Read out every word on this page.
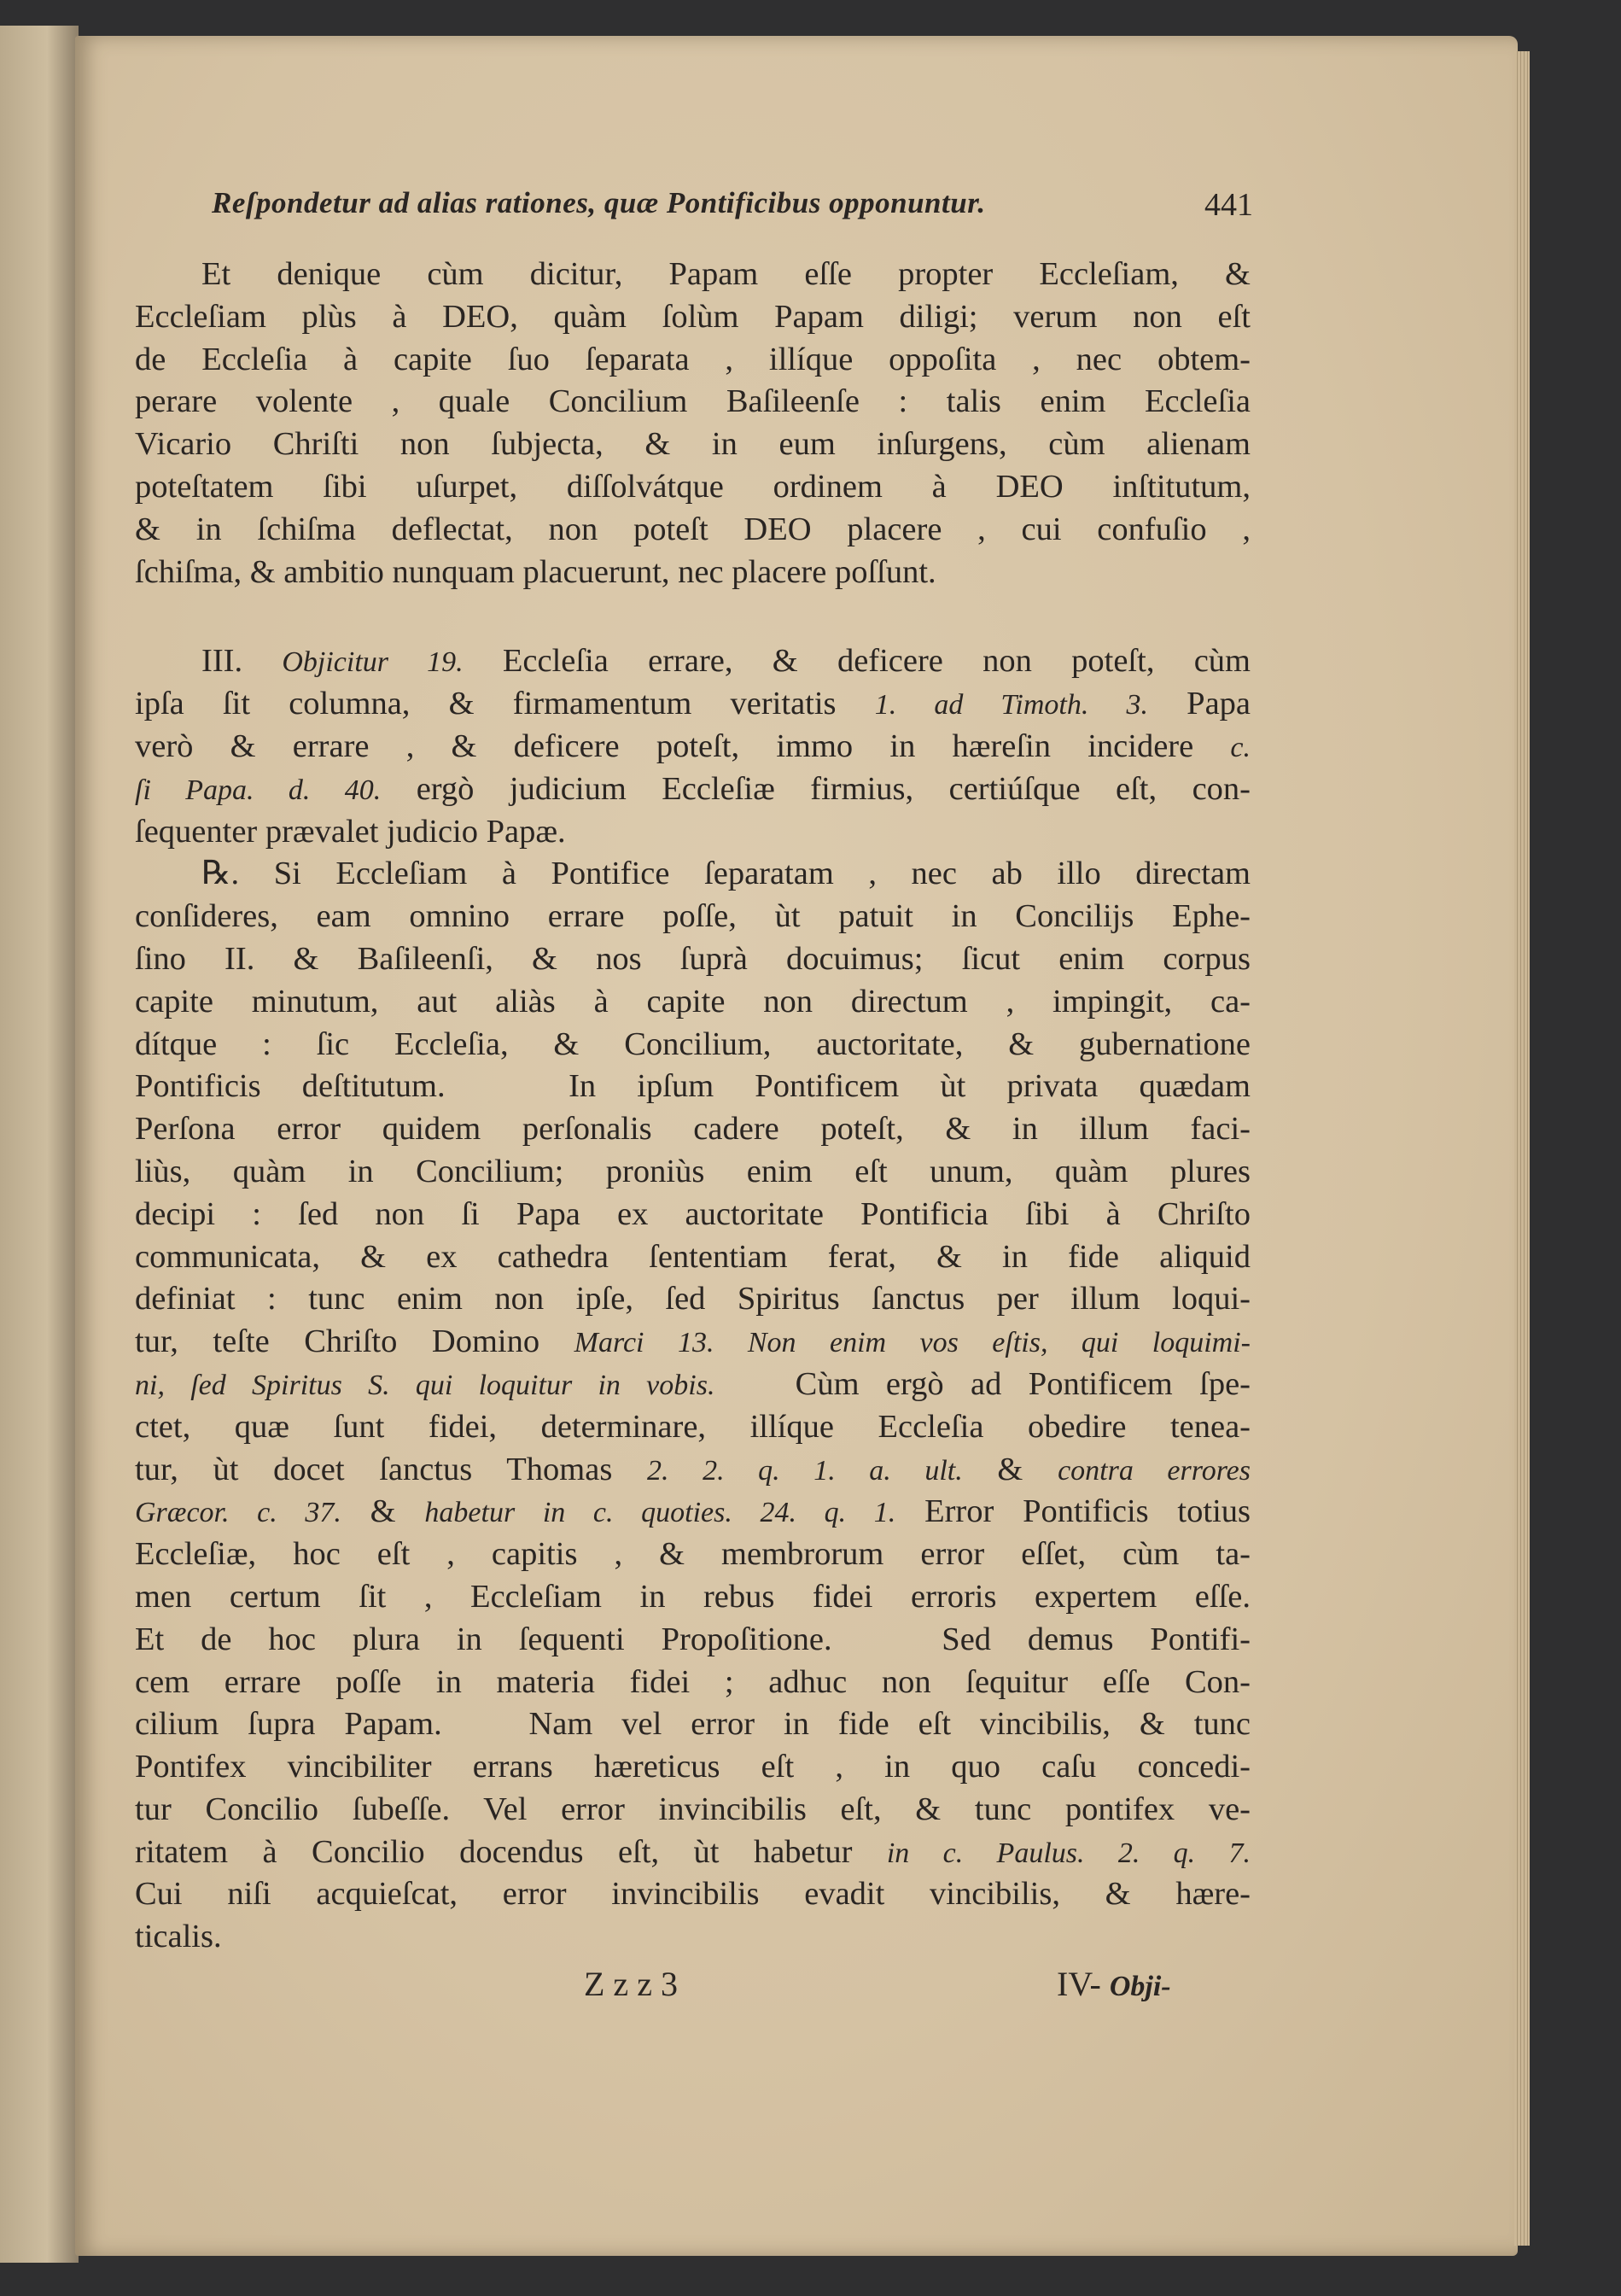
Reſpondetur ad alias rationes, quæ Pontificibus opponuntur.	441
Et denique cùm dicitur, Papam eſſe propter Eccleſiam, &
Eccleſiam plùs à DEO, quàm ſolùm Papam diligi; verum non eſt
de Eccleſia à capite ſuo ſeparata , illíque oppoſita , nec obtem-
perare volente , quale Concilium Baſileenſe : talis enim Eccleſia
Vicario Chriſti non ſubjecta, & in eum inſurgens, cùm alienam
poteſtatem ſibi uſurpet, diſſolvátque ordinem à DEO inſtitutum,
& in ſchiſma deflectat, non poteſt DEO placere , cui confuſio ,
ſchiſma, & ambitio nunquam placuerunt, nec placere poſſunt.
III. Objicitur 19. Eccleſia errare, & deficere non poteſt, cùm
ipſa ſit columna, & firmamentum veritatis 1. ad Timoth. 3. Papa
verò & errare , & deficere poteſt, immo in hæreſin incidere c.
ſi Papa. d. 40. ergò judicium Eccleſiæ firmius, certiúſque eſt, con-
ſequenter prævalet judicio Papæ.
℞. Si Eccleſiam à Pontifice ſeparatam , nec ab illo directam
conſideres, eam omnino errare poſſe, ùt patuit in Concilijs Ephe-
ſino II. & Baſileenſi, & nos ſuprà docuimus; ſicut enim corpus
capite minutum, aut aliàs à capite non directum , impingit, ca-
dítque : ſic Eccleſia, & Concilium, auctoritate, & gubernatione
Pontificis deſtitutum.   In ipſum Pontificem ùt privata quædam
Perſona error quidem perſonalis cadere poteſt, & in illum faci-
liùs, quàm in Concilium; proniùs enim eſt unum, quàm plures
decipi : ſed non ſi Papa ex auctoritate Pontificia ſibi à Chriſto
communicata, & ex cathedra ſententiam ferat, & in fide aliquid
definiat : tunc enim non ipſe, ſed Spiritus ſanctus per illum loqui-
tur, teſte Chriſto Domino Marci 13. Non enim vos eſtis, qui loquimi-
ni, ſed Spiritus S. qui loquitur in vobis.   Cùm ergò ad Pontificem ſpe-
ctet, quæ ſunt fidei, determinare, illíque Eccleſia obedire tenea-
tur, ùt docet ſanctus Thomas 2. 2. q. 1. a. ult. & contra errores
Græcor. c. 37. & habetur in c. quoties. 24. q. 1. Error Pontificis totius
Eccleſiæ, hoc eſt , capitis , & membrorum error eſſet, cùm ta-
men certum ſit , Eccleſiam in rebus fidei erroris expertem eſſe.
Et de hoc plura in ſequenti Propoſitione.   Sed demus Pontifi-
cem errare poſſe in materia fidei ; adhuc non ſequitur eſſe Con-
cilium ſupra Papam.   Nam vel error in fide eſt vincibilis, & tunc
Pontifex vincibiliter errans hæreticus eſt , in quo caſu concedi-
tur Concilio ſubeſſe. Vel error invincibilis eſt, & tunc pontifex ve-
ritatem à Concilio docendus eſt, ùt habetur in c. Paulus. 2. q. 7.
Cui niſi acquieſcat, error invincibilis evadit vincibilis, & hære-
ticalis.
Zzz3	IV- Obji-
